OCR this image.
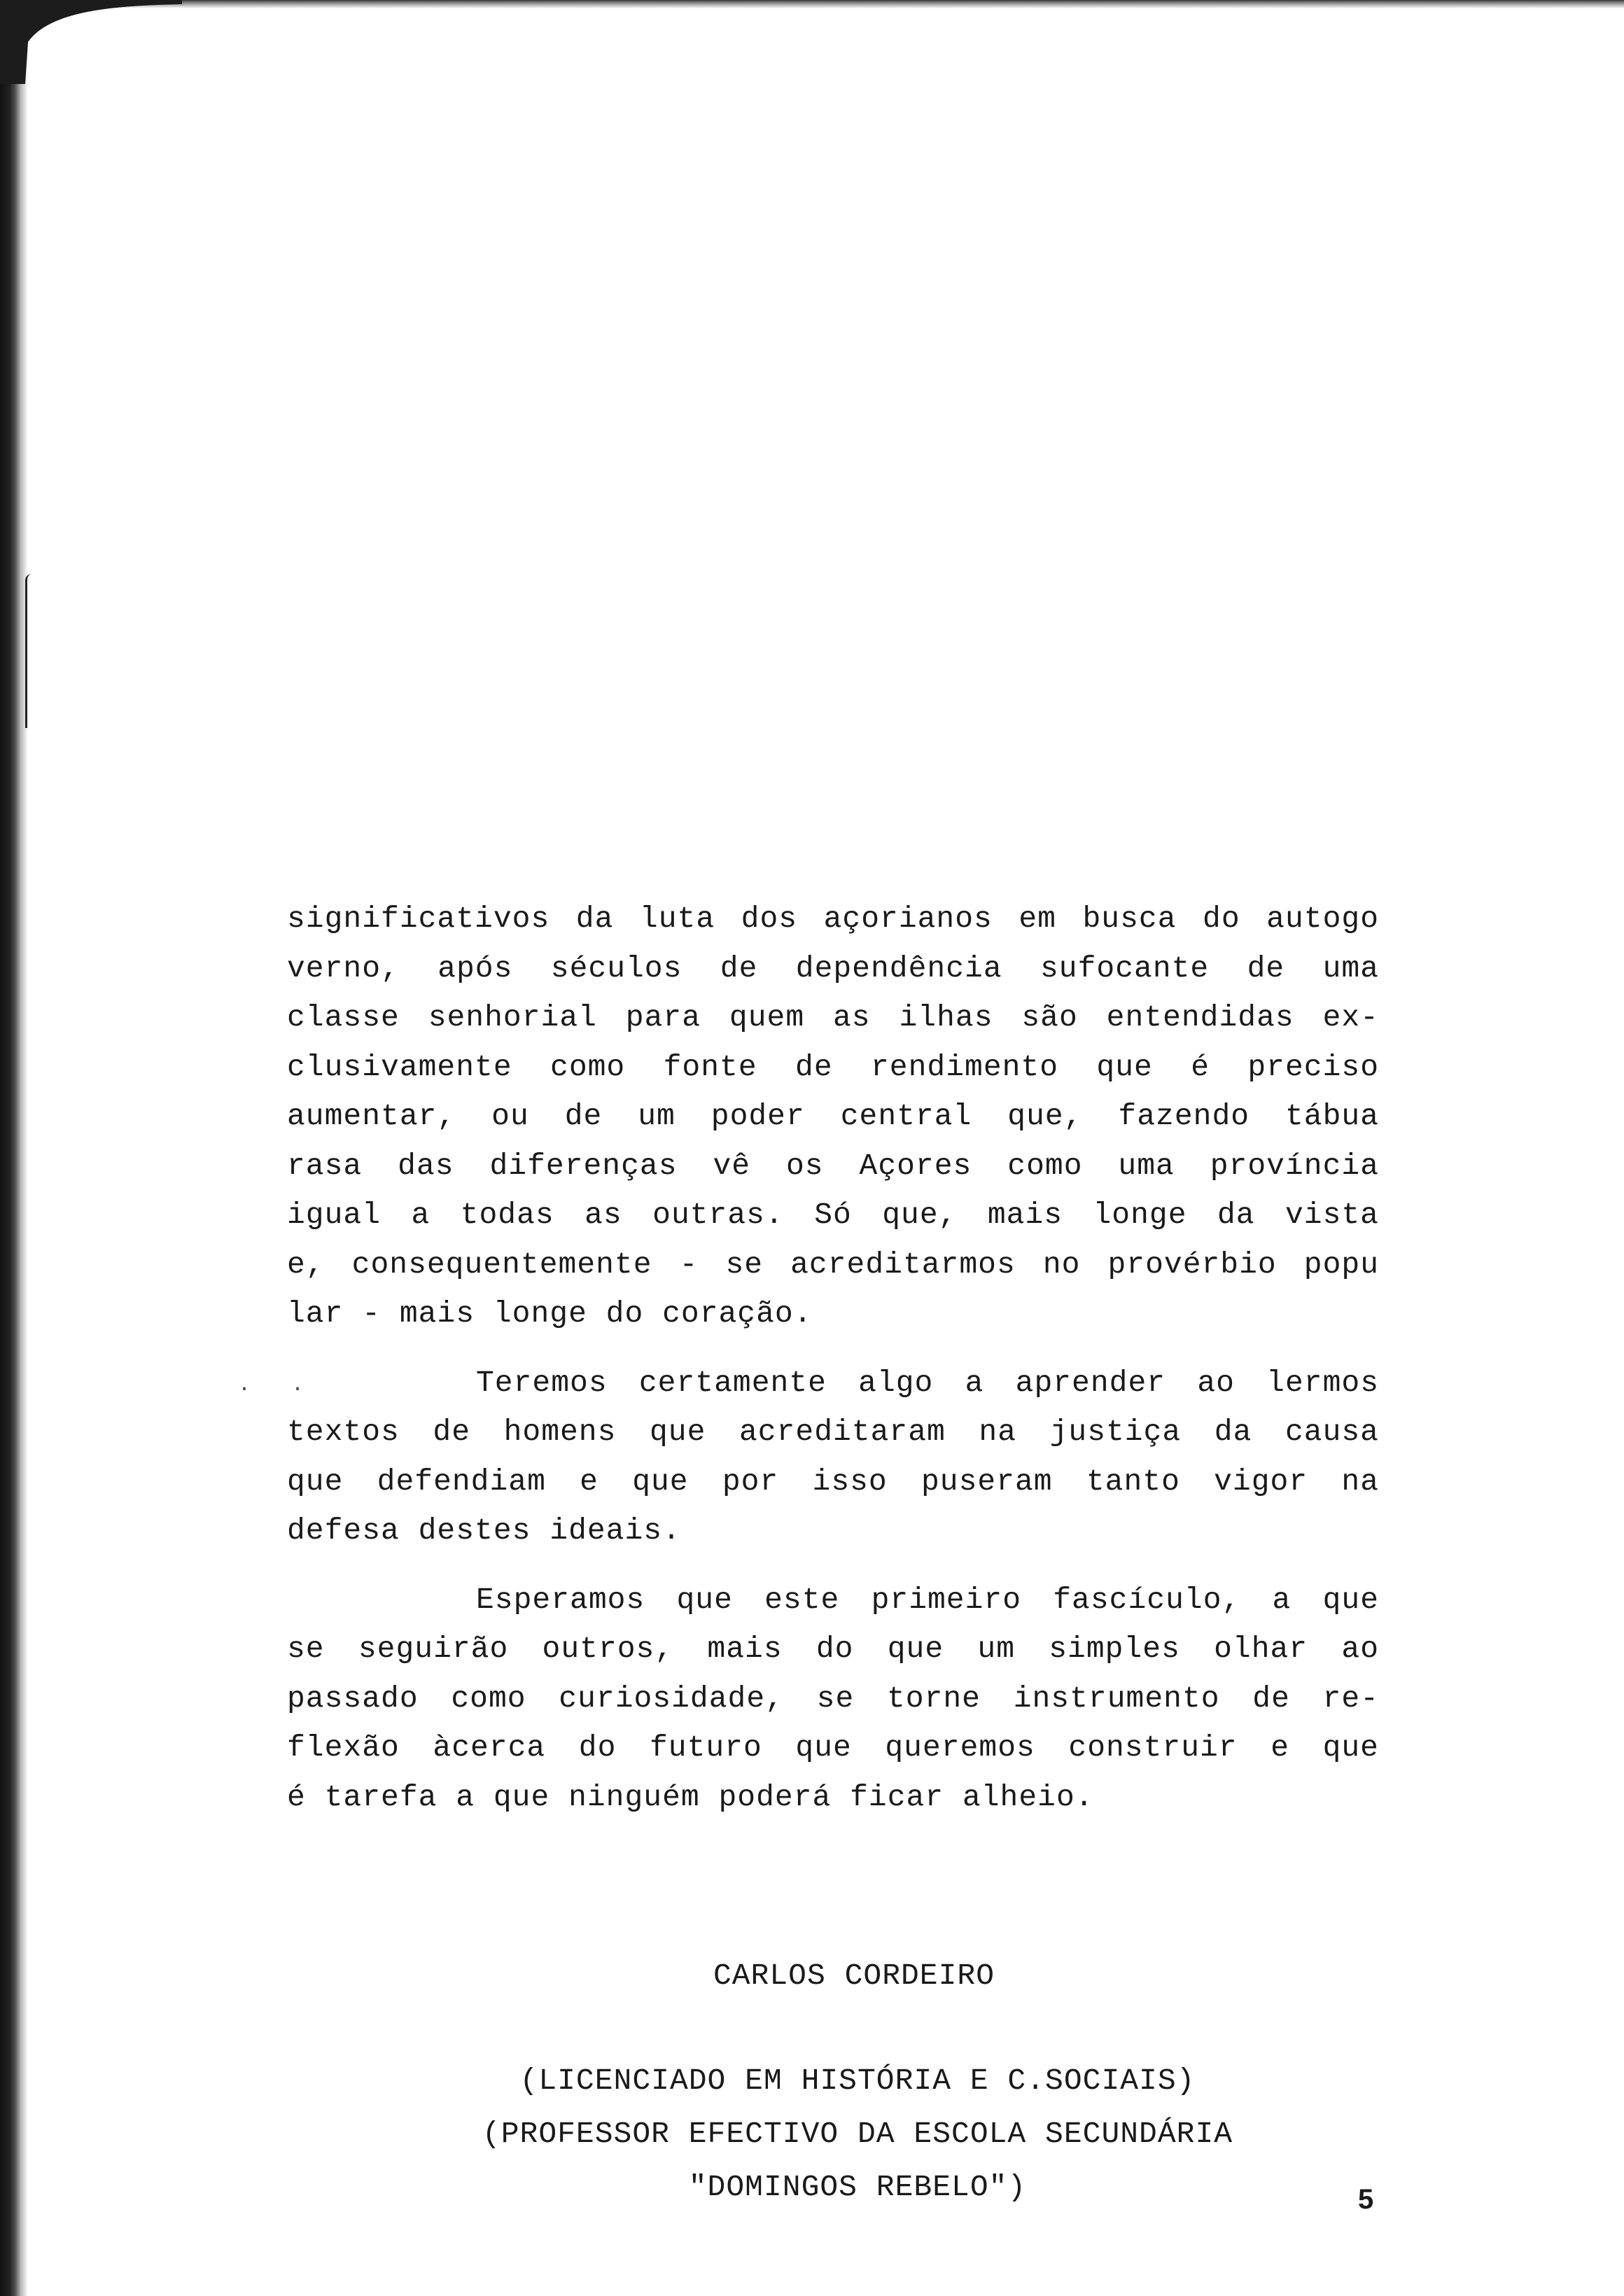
. .

significativos da luta dos açorianos em busca do autogo
verno, após séculos de dependência sufocante de uma
classe senhorial para quem as ilhas são entendidas ex-
clusivamente como fonte de rendimento que é preciso
aumentar, ou de um poder central que, fazendo tábua
rasa das diferenças vê os Açores como uma província
igual a todas as outras. Só que, mais longe da vista
e, consequentemente - se acreditarmos no provérbio popu
lar - mais longe do coração.

Teremos certamente algo a aprender ao lermos
textos de homens que acreditaram na justiça da causa
que defendiam e que por isso puseram tanto vigor na
defesa destes ideais.

Esperamos que este primeiro fascículo, a que
se seguirão outros, mais do que um simples olhar ao
passado como curiosidade, se torne instrumento de re-
flexão àcerca do futuro que queremos construir e que
é tarefa a que ninguém poderá ficar alheio.

CARLOS CORDEIRO
(LICENCIADO EM HISTÓRIA E C.SOCIAIS)
(PROFESSOR EFECTIVO DA ESCOLA SECUNDÁRIA
"DOMINGOS REBELO")	5
